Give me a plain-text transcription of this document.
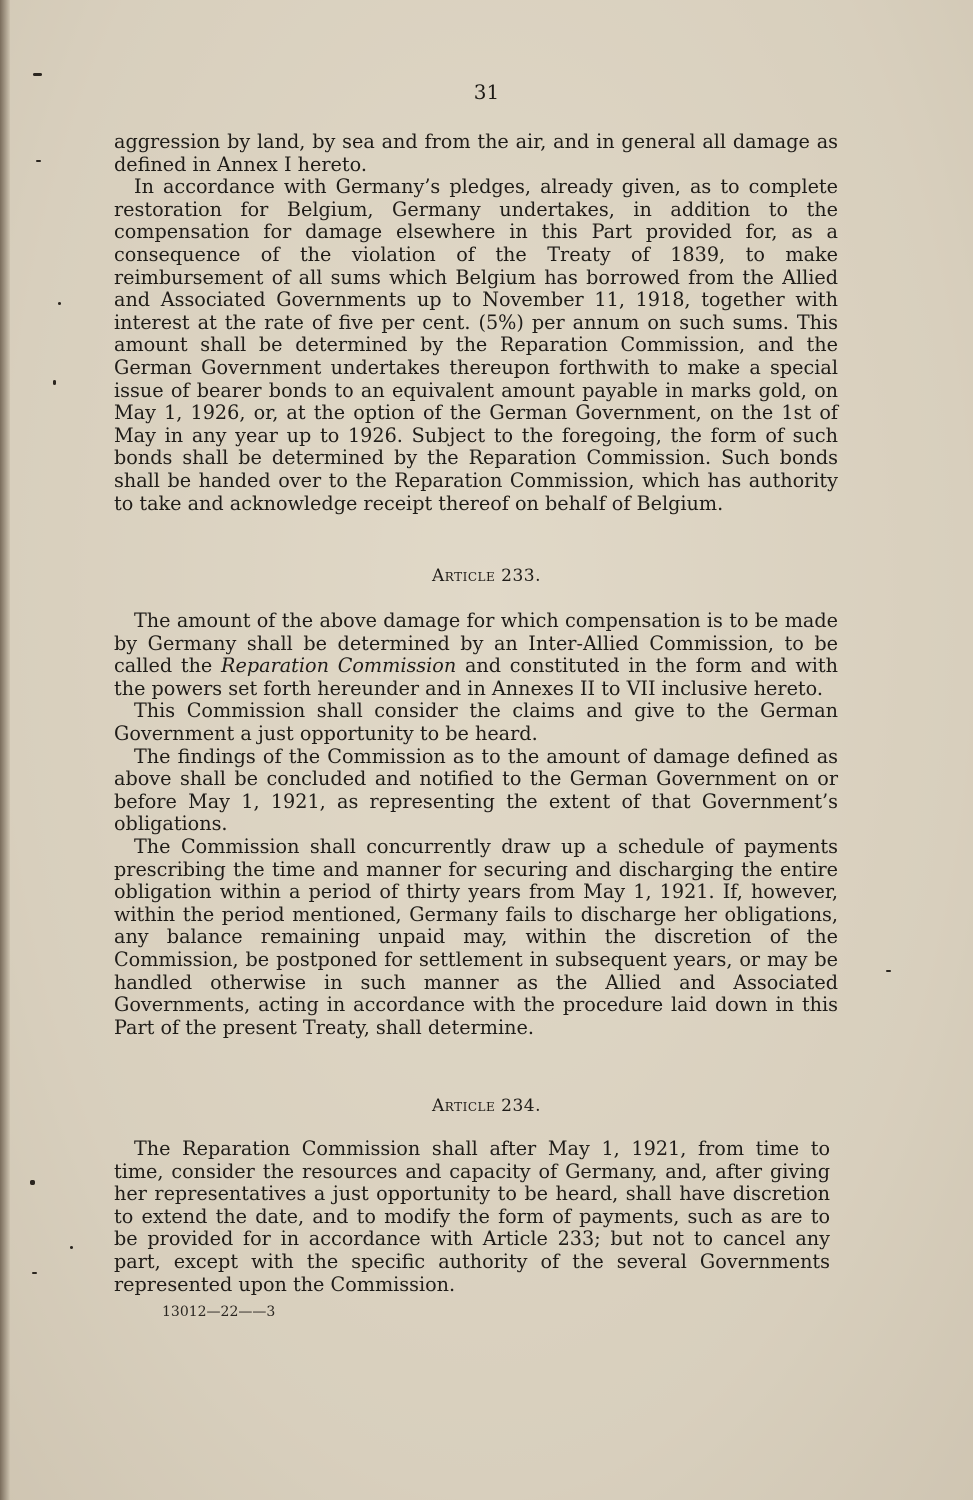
31

aggression by land, by sea and from the air, and in general all damage as defined in Annex I hereto.

In accordance with Germany’s pledges, already given, as to complete restoration for Belgium, Germany undertakes, in addition to the compensation for damage elsewhere in this Part provided for, as a consequence of the violation of the Treaty of 1839, to make reimbursement of all sums which Belgium has borrowed from the Allied and Associated Governments up to November 11, 1918, together with interest at the rate of five per cent. (5%) per annum on such sums. This amount shall be determined by the Reparation Commission, and the German Government undertakes thereupon forthwith to make a special issue of bearer bonds to an equivalent amount payable in marks gold, on May 1, 1926, or, at the option of the German Government, on the 1st of May in any year up to 1926. Subject to the foregoing, the form of such bonds shall be determined by the Reparation Commission. Such bonds shall be handed over to the Reparation Commission, which has authority to take and acknowledge receipt thereof on behalf of Belgium.

Article 233.

The amount of the above damage for which compensation is to be made by Germany shall be determined by an Inter-Allied Commission, to be called the Reparation Commission and constituted in the form and with the powers set forth hereunder and in Annexes II to VII inclusive hereto.

This Commission shall consider the claims and give to the German Government a just opportunity to be heard.

The findings of the Commission as to the amount of damage defined as above shall be concluded and notified to the German Government on or before May 1, 1921, as representing the extent of that Government’s obligations.

The Commission shall concurrently draw up a schedule of payments prescribing the time and manner for securing and discharging the entire obligation within a period of thirty years from May 1, 1921. If, however, within the period mentioned, Germany fails to discharge her obligations, any balance remaining unpaid may, within the discretion of the Commission, be postponed for settlement in subsequent years, or may be handled otherwise in such manner as the Allied and Associated Governments, acting in accordance with the procedure laid down in this Part of the present Treaty, shall determine.

Article 234.

The Reparation Commission shall after May 1, 1921, from time to time, consider the resources and capacity of Germany, and, after giving her representatives a just opportunity to be heard, shall have discretion to extend the date, and to modify the form of payments, such as are to be provided for in accordance with Article 233; but not to cancel any part, except with the specific authority of the several Governments represented upon the Commission.

13012—22——3
